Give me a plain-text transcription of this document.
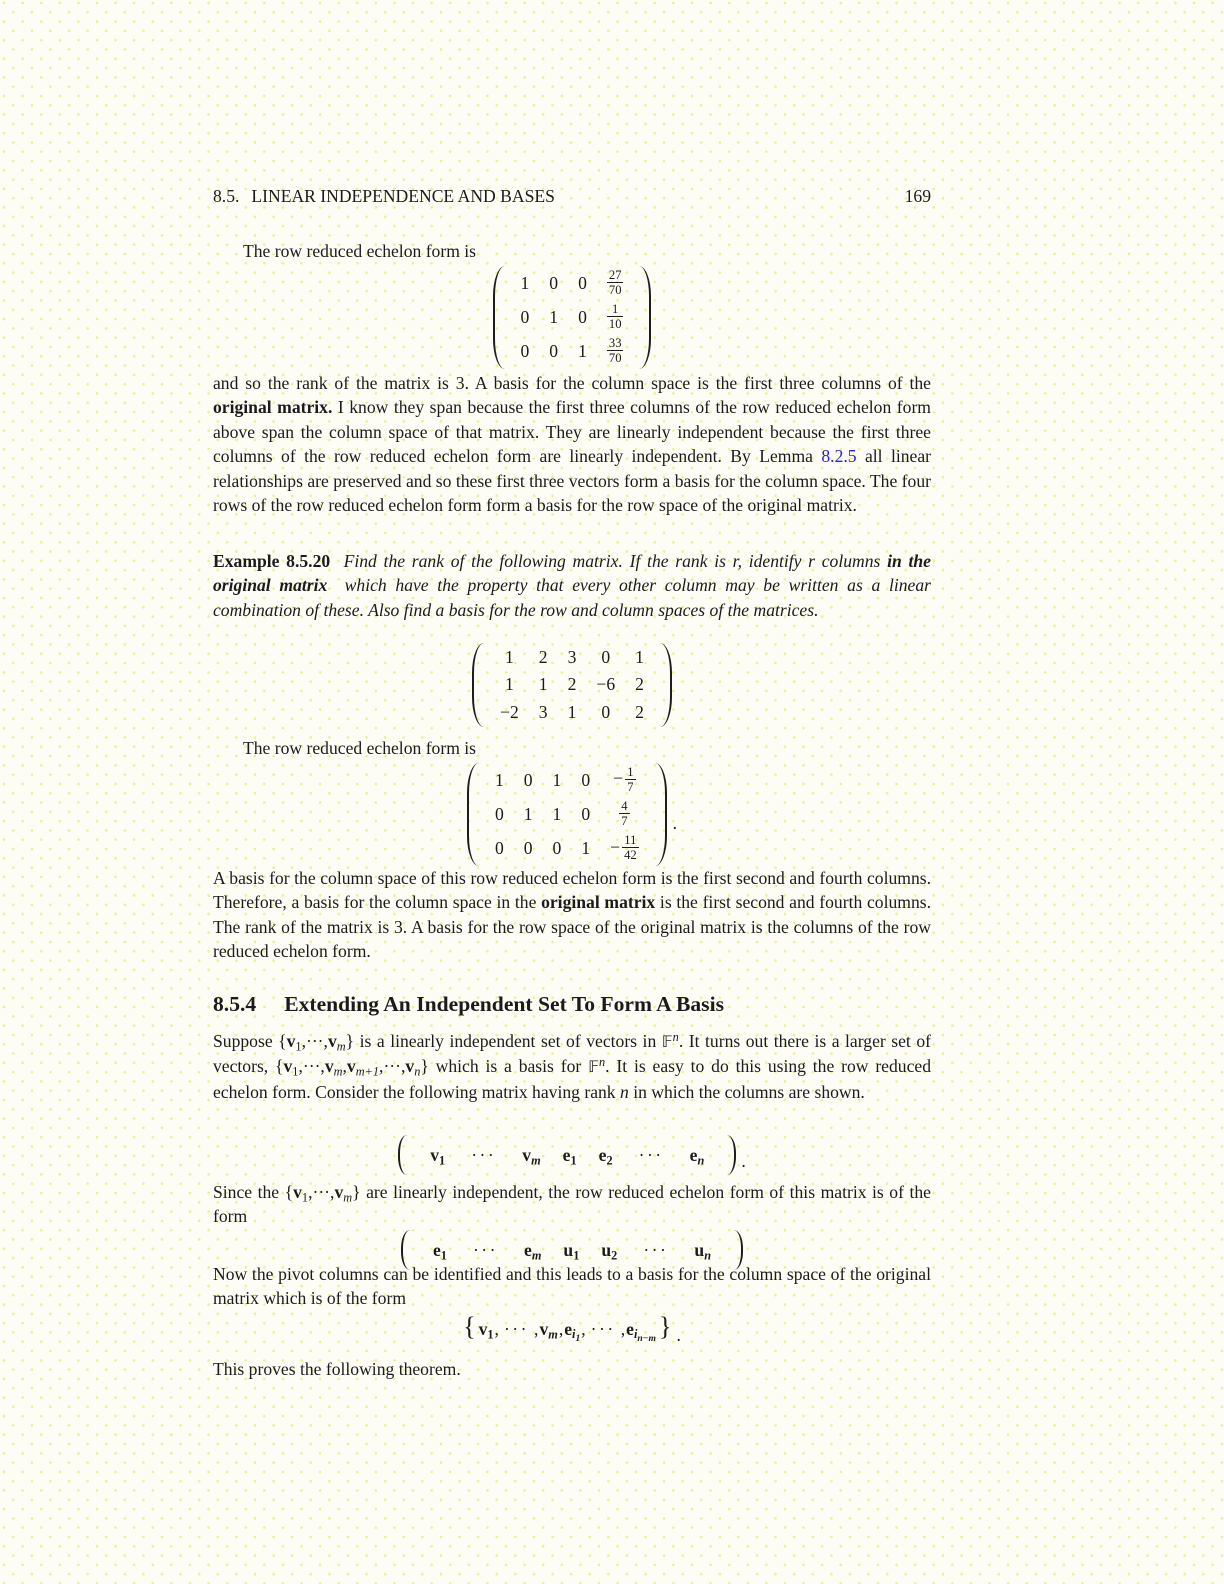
8.5. LINEAR INDEPENDENCE AND BASES	169
The row reduced echelon form is
1	0	0	$\frac{27}{70}$

0	1	0	$\frac{1}{10}$

0	0	1	$\frac{33}{70}$
and so the rank of the matrix is 3. A basis for the column space is the first three columns of the original matrix. I know they span because the first three columns of the row reduced echelon form above span the column space of that matrix. They are linearly independent because the first three columns of the row reduced echelon form are linearly independent. By Lemma 8.2.5 all linear relationships are preserved and so these first three vectors form a basis for the column space. The four rows of the row reduced echelon form form a basis for the row space of the original matrix.
Example 8.5.20  Find the rank of the following matrix. If the rank is r, identify r columns in the original matrix  which have the property that every other column may be written as a linear combination of these. Also find a basis for the row and column spaces of the matrices.
1	2	3	0	1
1	1	2	−6	2
−2	3	1	0	2
The row reduced echelon form is
1	0	1	0	− $\frac{1}{7}$

0	1	1	0	$\frac{4}{7}$

0	0	0	1	− $\frac{11}{42}$
.
A basis for the column space of this row reduced echelon form is the first second and fourth columns. Therefore, a basis for the column space in the original matrix is the first second and fourth columns. The rank of the matrix is 3. A basis for the row space of the original matrix is the columns of the row reduced echelon form.
8.5.4 Extending An Independent Set To Form A Basis
Suppose $\{v_1,\cdot\cdot\cdot,v_m\}$ is a linearly independent set of vectors in 𝔽$^n$. It turns out there is a larger set of vectors, $\{v_1,\cdot\cdot\cdot,v_m,v_{m+1},\cdot\cdot\cdot,v_n\}$ which is a basis for 𝔽$^n$. It is easy to do this using the row reduced echelon form. Consider the following matrix having rank n in which the columns are shown.
$v_1$ ··· $v_m$ $e_1$ $e_2$ ··· $e_n$ .
Since the $\{v_1,\cdot\cdot\cdot,v_m\}$ are linearly independent, the row reduced echelon form of this matrix is of the form
$e_1$ ··· $e_m$ $u_1$ $u_2$ ··· $u_n$
Now the pivot columns can be identified and this leads to a basis for the column space of the original matrix which is of the form
{ $v_1$ , ··· , $v_m$ , $e_{i_1}$ , ··· , $e_{i_{n-m}}$ } .
This proves the following theorem.
